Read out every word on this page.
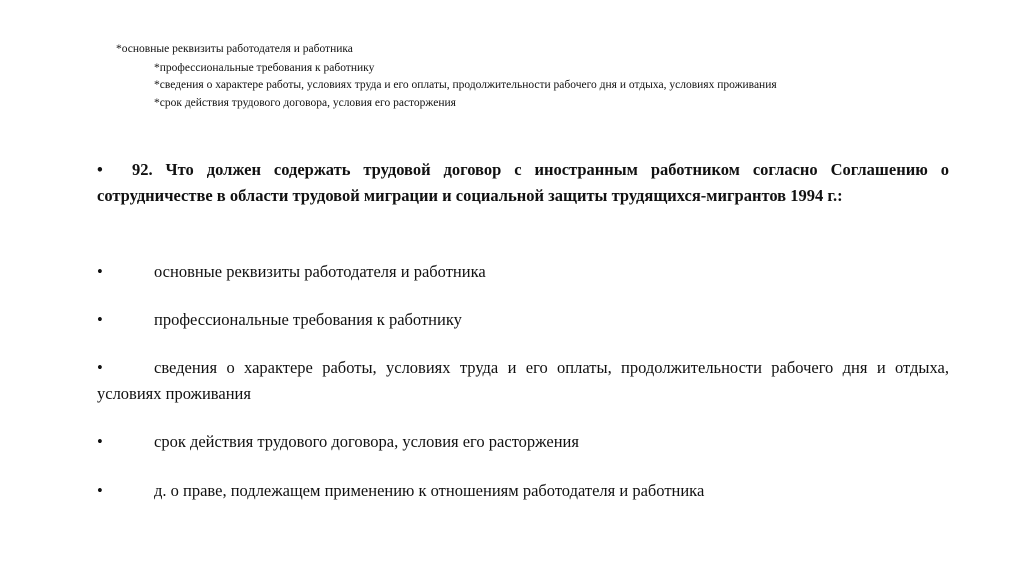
*основные реквизиты работодателя и работника
*профессиональные требования к работнику
*сведения о характере работы, условиях труда и его оплаты, продолжительности рабочего дня и отдыха, условиях проживания
*срок действия трудового договора, условия его расторжения
• 92. Что должен содержать трудовой договор с иностранным работником согласно Соглашению о сотрудничестве в области трудовой миграции и социальной защиты трудящихся-мигрантов 1994 г.:
•	основные реквизиты работодателя и работника
•	профессиональные требования к работнику
•	сведения о характере работы, условиях труда и его оплаты, продолжительности рабочего дня и отдыха, условиях проживания
•	срок действия трудового договора, условия его расторжения
•	д. о праве, подлежащем применению к отношениям работодателя и работника
